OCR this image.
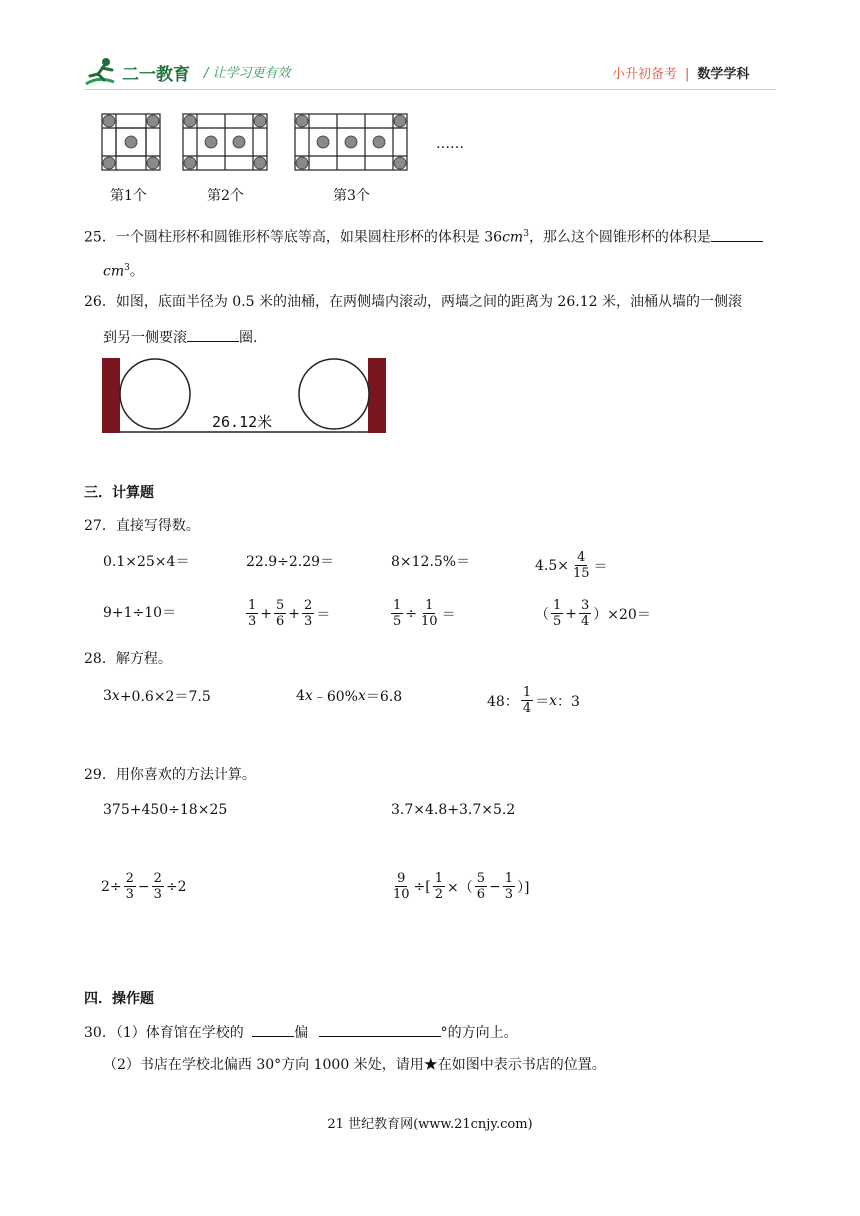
二一教育 / 让学习更有效	小升初备考 | 数学学科
……
第1个	第2个	第3个
25．一个圆柱形杯和圆锥形杯等底等高，如果圆柱形杯的体积是 $36cm^3$，那么这个圆锥形杯的体积是
$cm^3$。
26．如图，底面半径为 0.5 米的油桶，在两侧墙内滚动，两墙之间的距离为 26.12 米，油桶从墙的一侧滚
到另一侧要滚	圈.
26.12米
三．计算题
27．直接写得数。
0.1×25×4＝	22.9÷2.29＝	8×12.5%＝	$4.5\times \frac{4}{15}$ ＝
9+1÷10＝	$\frac{1}{3} + \frac{5}{6} + \frac{2}{3}$ ＝	$\frac{1}{5} \div \frac{1}{10}$ ＝	（ $\frac{1}{5} + \frac{3}{4} )\times 20=$
28．解方程。
3 x +0.6×2＝7.5	4 x ﹣60% x ＝6.8	48： $\frac{1}{4} = x$ ：3
29．用你喜欢的方法计算。
375+450÷18×25	3.7×4.8+3.7×5.2
$2\div \frac{2}{3} - \frac{2}{3} \div 2$	$\frac{9}{10}$ ÷[ $\frac{1}{2}$ ×（ $\frac{5}{6} - \frac{1}{3}$ ）]
四．操作题
30．（1）体育馆在学校的	偏	°的方向上。
（2）书店在学校北偏西 30°方向 1000 米处，请用★在如图中表示书店的位置。
21 世纪教育网(www.21cnjy.com)
